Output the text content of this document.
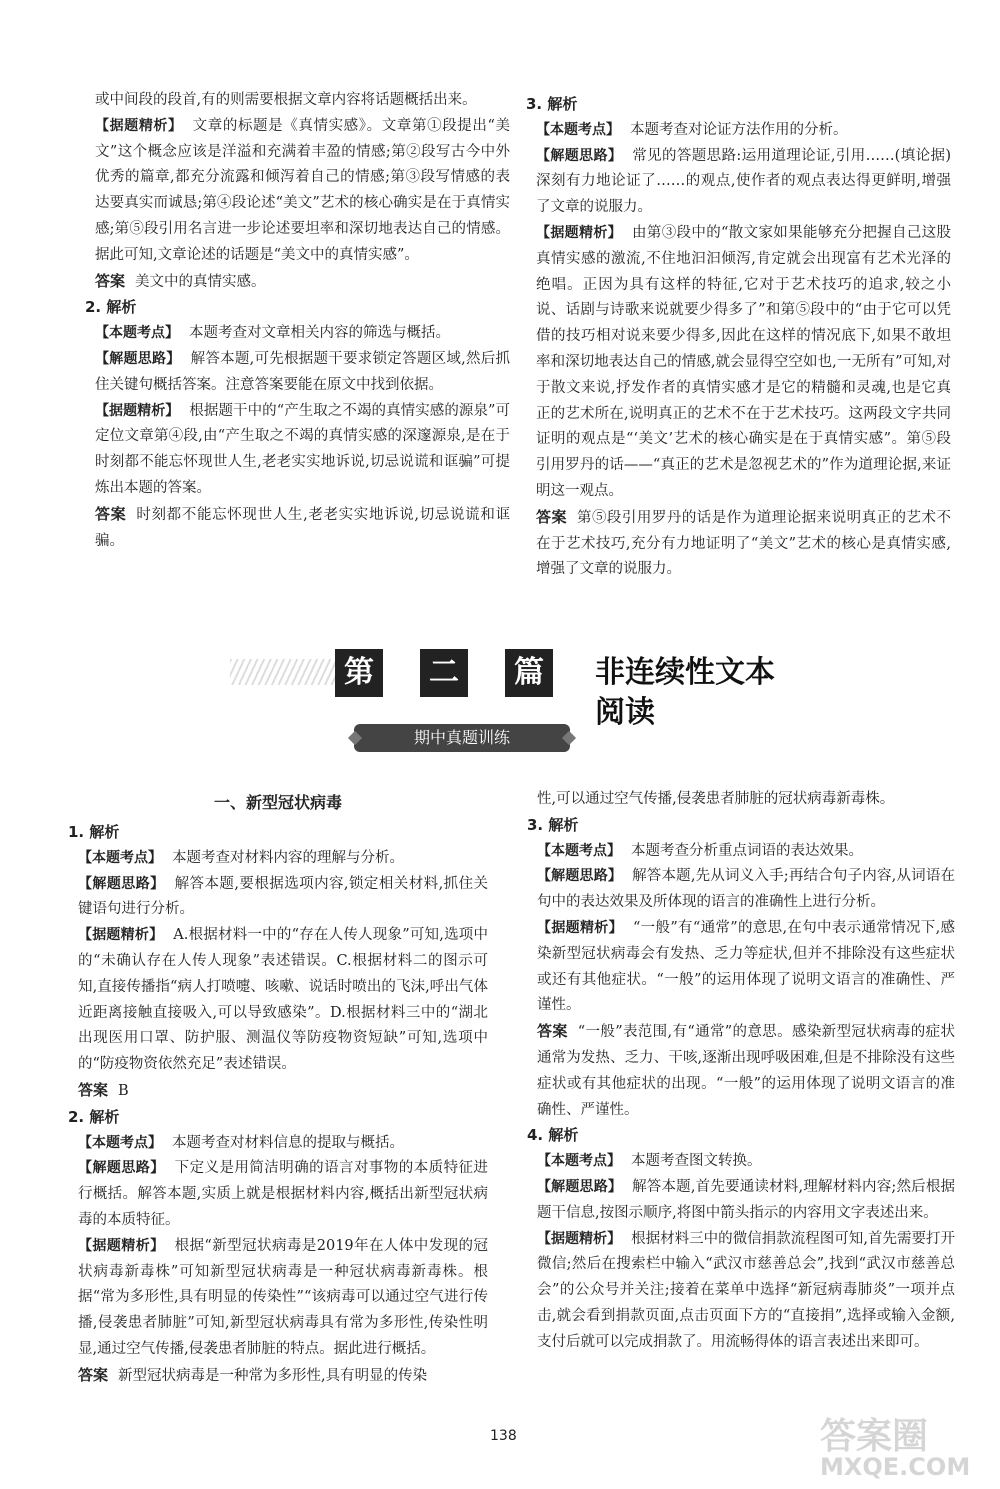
或中间段的段首,有的则需要根据文章内容将话题概括出来。

【据题精析】 文章的标题是《真情实感》。文章第①段提出“美文”这个概念应该是洋溢和充满着丰盈的情感;第②段写古今中外优秀的篇章,都充分流露和倾泻着自己的情感;第③段写情感的表达要真实而诚恳;第④段论述“美文”艺术的核心确实是在于真情实感;第⑤段引用名言进一步论述要坦率和深切地表达自己的情感。据此可知,文章论述的话题是“美文中的真情实感”。

答案 美文中的真情实感。

2. 解析

【本题考点】 本题考查对文章相关内容的筛选与概括。

【解题思路】 解答本题,可先根据题干要求锁定答题区域,然后抓住关键句概括答案。注意答案要能在原文中找到依据。

【据题精析】 根据题干中的“产生取之不竭的真情实感的源泉”可定位文章第④段,由“产生取之不竭的真情实感的深邃源泉,是在于时刻都不能忘怀现世人生,老老实实地诉说,切忌说谎和诓骗”可提炼出本题的答案。

答案 时刻都不能忘怀现世人生,老老实实地诉说,切忌说谎和诓骗。

3. 解析

【本题考点】 本题考查对论证方法作用的分析。

【解题思路】 常见的答题思路:运用道理论证,引用……(填论据)深刻有力地论证了……的观点,使作者的观点表达得更鲜明,增强了文章的说服力。

【据题精析】 由第③段中的“散文家如果能够充分把握自己这股真情实感的激流,不住地汩汩倾泻,肯定就会出现富有艺术光泽的绝唱。正因为具有这样的特征,它对于艺术技巧的追求,较之小说、话剧与诗歌来说就要少得多了”和第⑤段中的“由于它可以凭借的技巧相对说来要少得多,因此在这样的情况底下,如果不敢坦率和深切地表达自己的情感,就会显得空空如也,一无所有”可知,对于散文来说,抒发作者的真情实感才是它的精髓和灵魂,也是它真正的艺术所在,说明真正的艺术不在于艺术技巧。这两段文字共同证明的观点是“‘美文’艺术的核心确实是在于真情实感”。第⑤段引用罗丹的话——“真正的艺术是忽视艺术的”作为道理论据,来证明这一观点。

答案 第⑤段引用罗丹的话是作为道理论据来说明真正的艺术不在于艺术技巧,充分有力地证明了“美文”艺术的核心是真情实感,增强了文章的说服力。

第	二	篇	非连续性文本阅读
期中真题训练
一、新型冠状病毒

1. 解析

【本题考点】 本题考查对材料内容的理解与分析。

【解题思路】 解答本题,要根据选项内容,锁定相关材料,抓住关键语句进行分析。

【据题精析】 A.根据材料一中的“存在人传人现象”可知,选项中的“未确认存在人传人现象”表述错误。C.根据材料二的图示可知,直接传播指“病人打喷嚏、咳嗽、说话时喷出的飞沫,呼出气体近距离接触直接吸入,可以导致感染”。D.根据材料三中的“湖北出现医用口罩、防护服、测温仪等防疫物资短缺”可知,选项中的“防疫物资依然充足”表述错误。

答案 B

2. 解析

【本题考点】 本题考查对材料信息的提取与概括。

【解题思路】 下定义是用简洁明确的语言对事物的本质特征进行概括。解答本题,实质上就是根据材料内容,概括出新型冠状病毒的本质特征。

【据题精析】 根据“新型冠状病毒是2019年在人体中发现的冠状病毒新毒株”可知新型冠状病毒是一种冠状病毒新毒株。根据“常为多形性,具有明显的传染性”“该病毒可以通过空气进行传播,侵袭患者肺脏”可知,新型冠状病毒具有常为多形性,传染性明显,通过空气传播,侵袭患者肺脏的特点。据此进行概括。

答案 新型冠状病毒是一种常为多形性,具有明显的传染

性,可以通过空气传播,侵袭患者肺脏的冠状病毒新毒株。

3. 解析

【本题考点】 本题考查分析重点词语的表达效果。

【解题思路】 解答本题,先从词义入手;再结合句子内容,从词语在句中的表达效果及所体现的语言的准确性上进行分析。

【据题精析】 “一般”有“通常”的意思,在句中表示通常情况下,感染新型冠状病毒会有发热、乏力等症状,但并不排除没有这些症状或还有其他症状。“一般”的运用体现了说明文语言的准确性、严谨性。

答案 “一般”表范围,有“通常”的意思。感染新型冠状病毒的症状通常为发热、乏力、干咳,逐渐出现呼吸困难,但是不排除没有这些症状或有其他症状的出现。“一般”的运用体现了说明文语言的准确性、严谨性。

4. 解析

【本题考点】 本题考查图文转换。

【解题思路】 解答本题,首先要通读材料,理解材料内容;然后根据题干信息,按图示顺序,将图中箭头指示的内容用文字表述出来。

【据题精析】 根据材料三中的微信捐款流程图可知,首先需要打开微信;然后在搜索栏中输入“武汉市慈善总会”,找到“武汉市慈善总会”的公众号并关注;接着在菜单中选择“新冠病毒肺炎”一项并点击,就会看到捐款页面,点击页面下方的“直接捐”,选择或输入金额,支付后就可以完成捐款了。用流畅得体的语言表述出来即可。

138	答案圈
MXQE.COM
